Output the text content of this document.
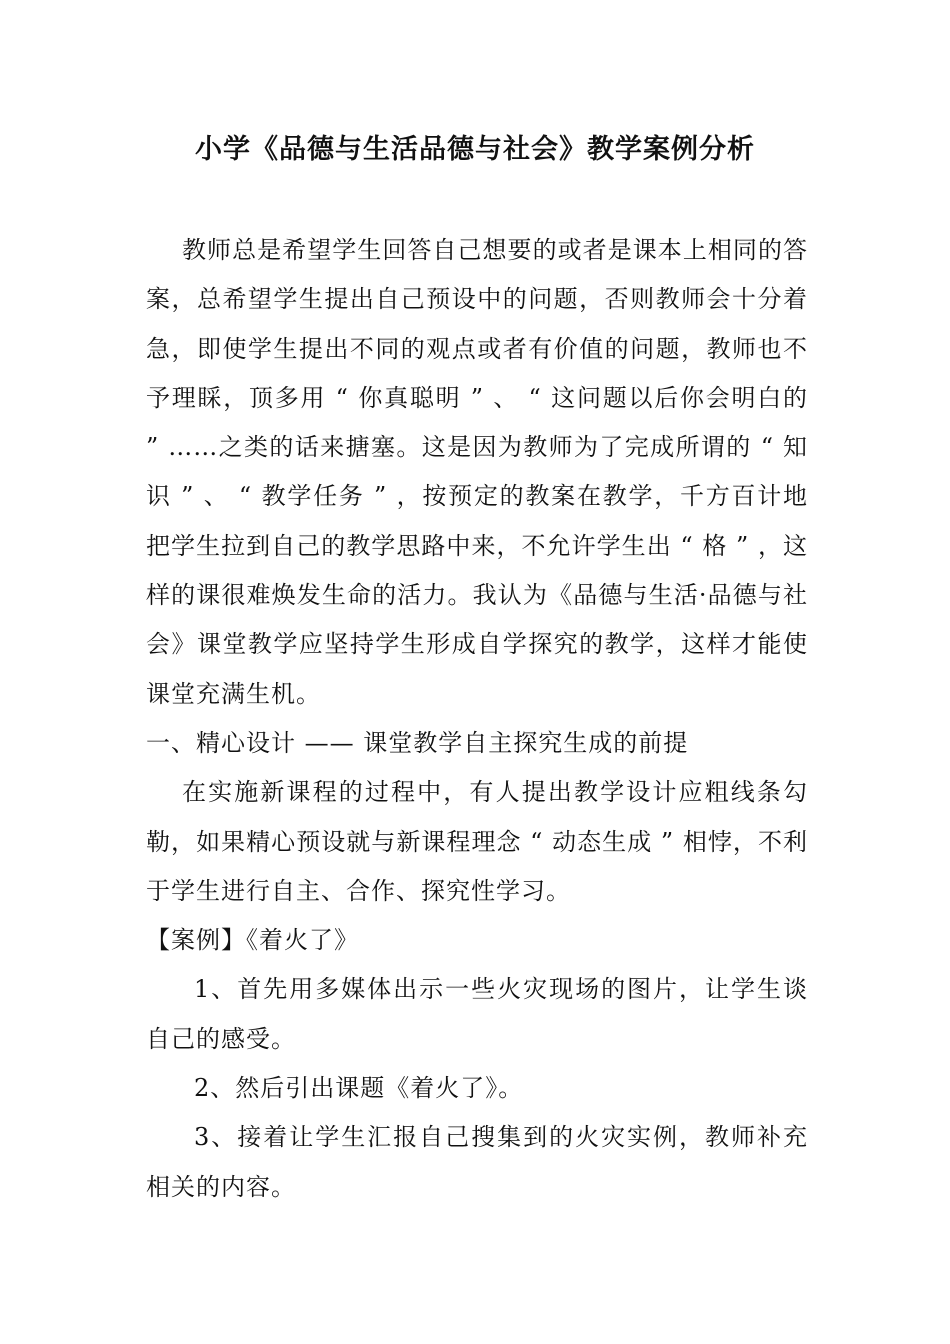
小学《品德与生活品德与社会》教学案例分析

教师总是希望学生回答自己想要的或者是课本上相同的答案，总希望学生提出自己预设中的问题，否则教师会十分着急，即使学生提出不同的观点或者有价值的问题，教师也不予理睬，顶多用 “ 你真聪明 ” 、 “ 这问题以后你会明白的 ” ……之类的话来搪塞。这是因为教师为了完成所谓的 “ 知识 ” 、 “ 教学任务 ” ，按预定的教案在教学，千方百计地把学生拉到自己的教学思路中来，不允许学生出 “ 格 ” ，这样的课很难焕发生命的活力。我认为《品德与生活·品德与社会》课堂教学应坚持学生形成自学探究的教学，这样才能使课堂充满生机。

一、精心设计 —— 课堂教学自主探究生成的前提

在实施新课程的过程中，有人提出教学设计应粗线条勾勒，如果精心预设就与新课程理念 “ 动态生成 ” 相悖，不利于学生进行自主、合作、探究性学习。

【案例】《着火了》

1、首先用多媒体出示一些火灾现场的图片，让学生谈自己的感受。

2、然后引出课题《着火了》。

3、接着让学生汇报自己搜集到的火灾实例，教师补充相关的内容。
